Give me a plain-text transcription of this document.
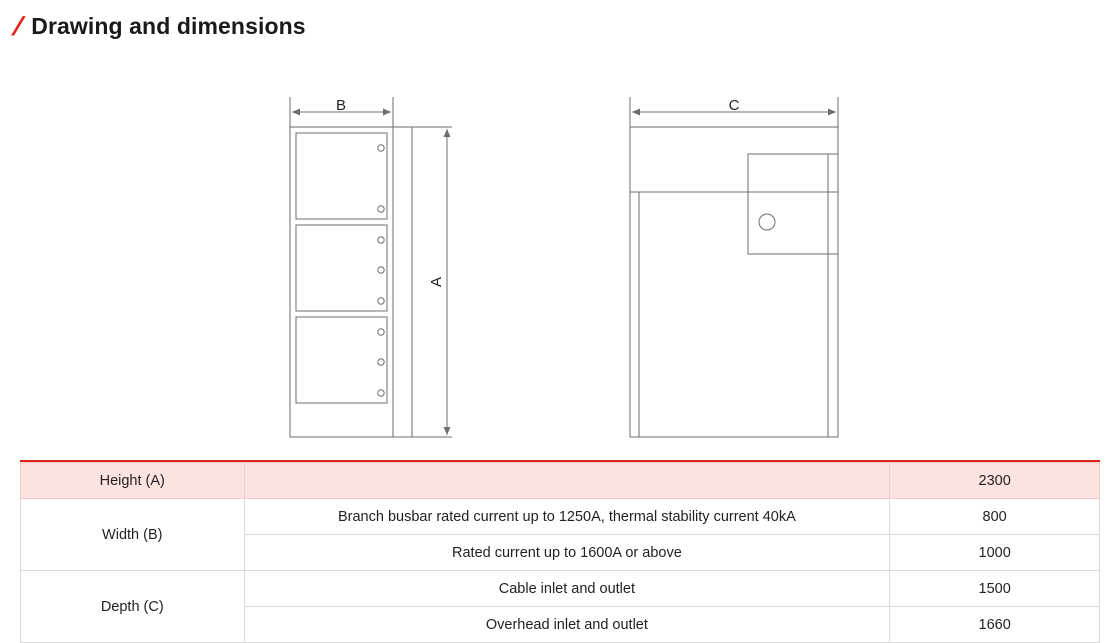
/ Drawing and dimensions
B	C
A
Height (A)		2300
Width (B)	Branch busbar rated current up to 1250A, thermal stability current 40kA	800
	Rated current up to 1600A or above	1000
Depth (C)	Cable inlet and outlet	1500
	Overhead inlet and outlet	1660
